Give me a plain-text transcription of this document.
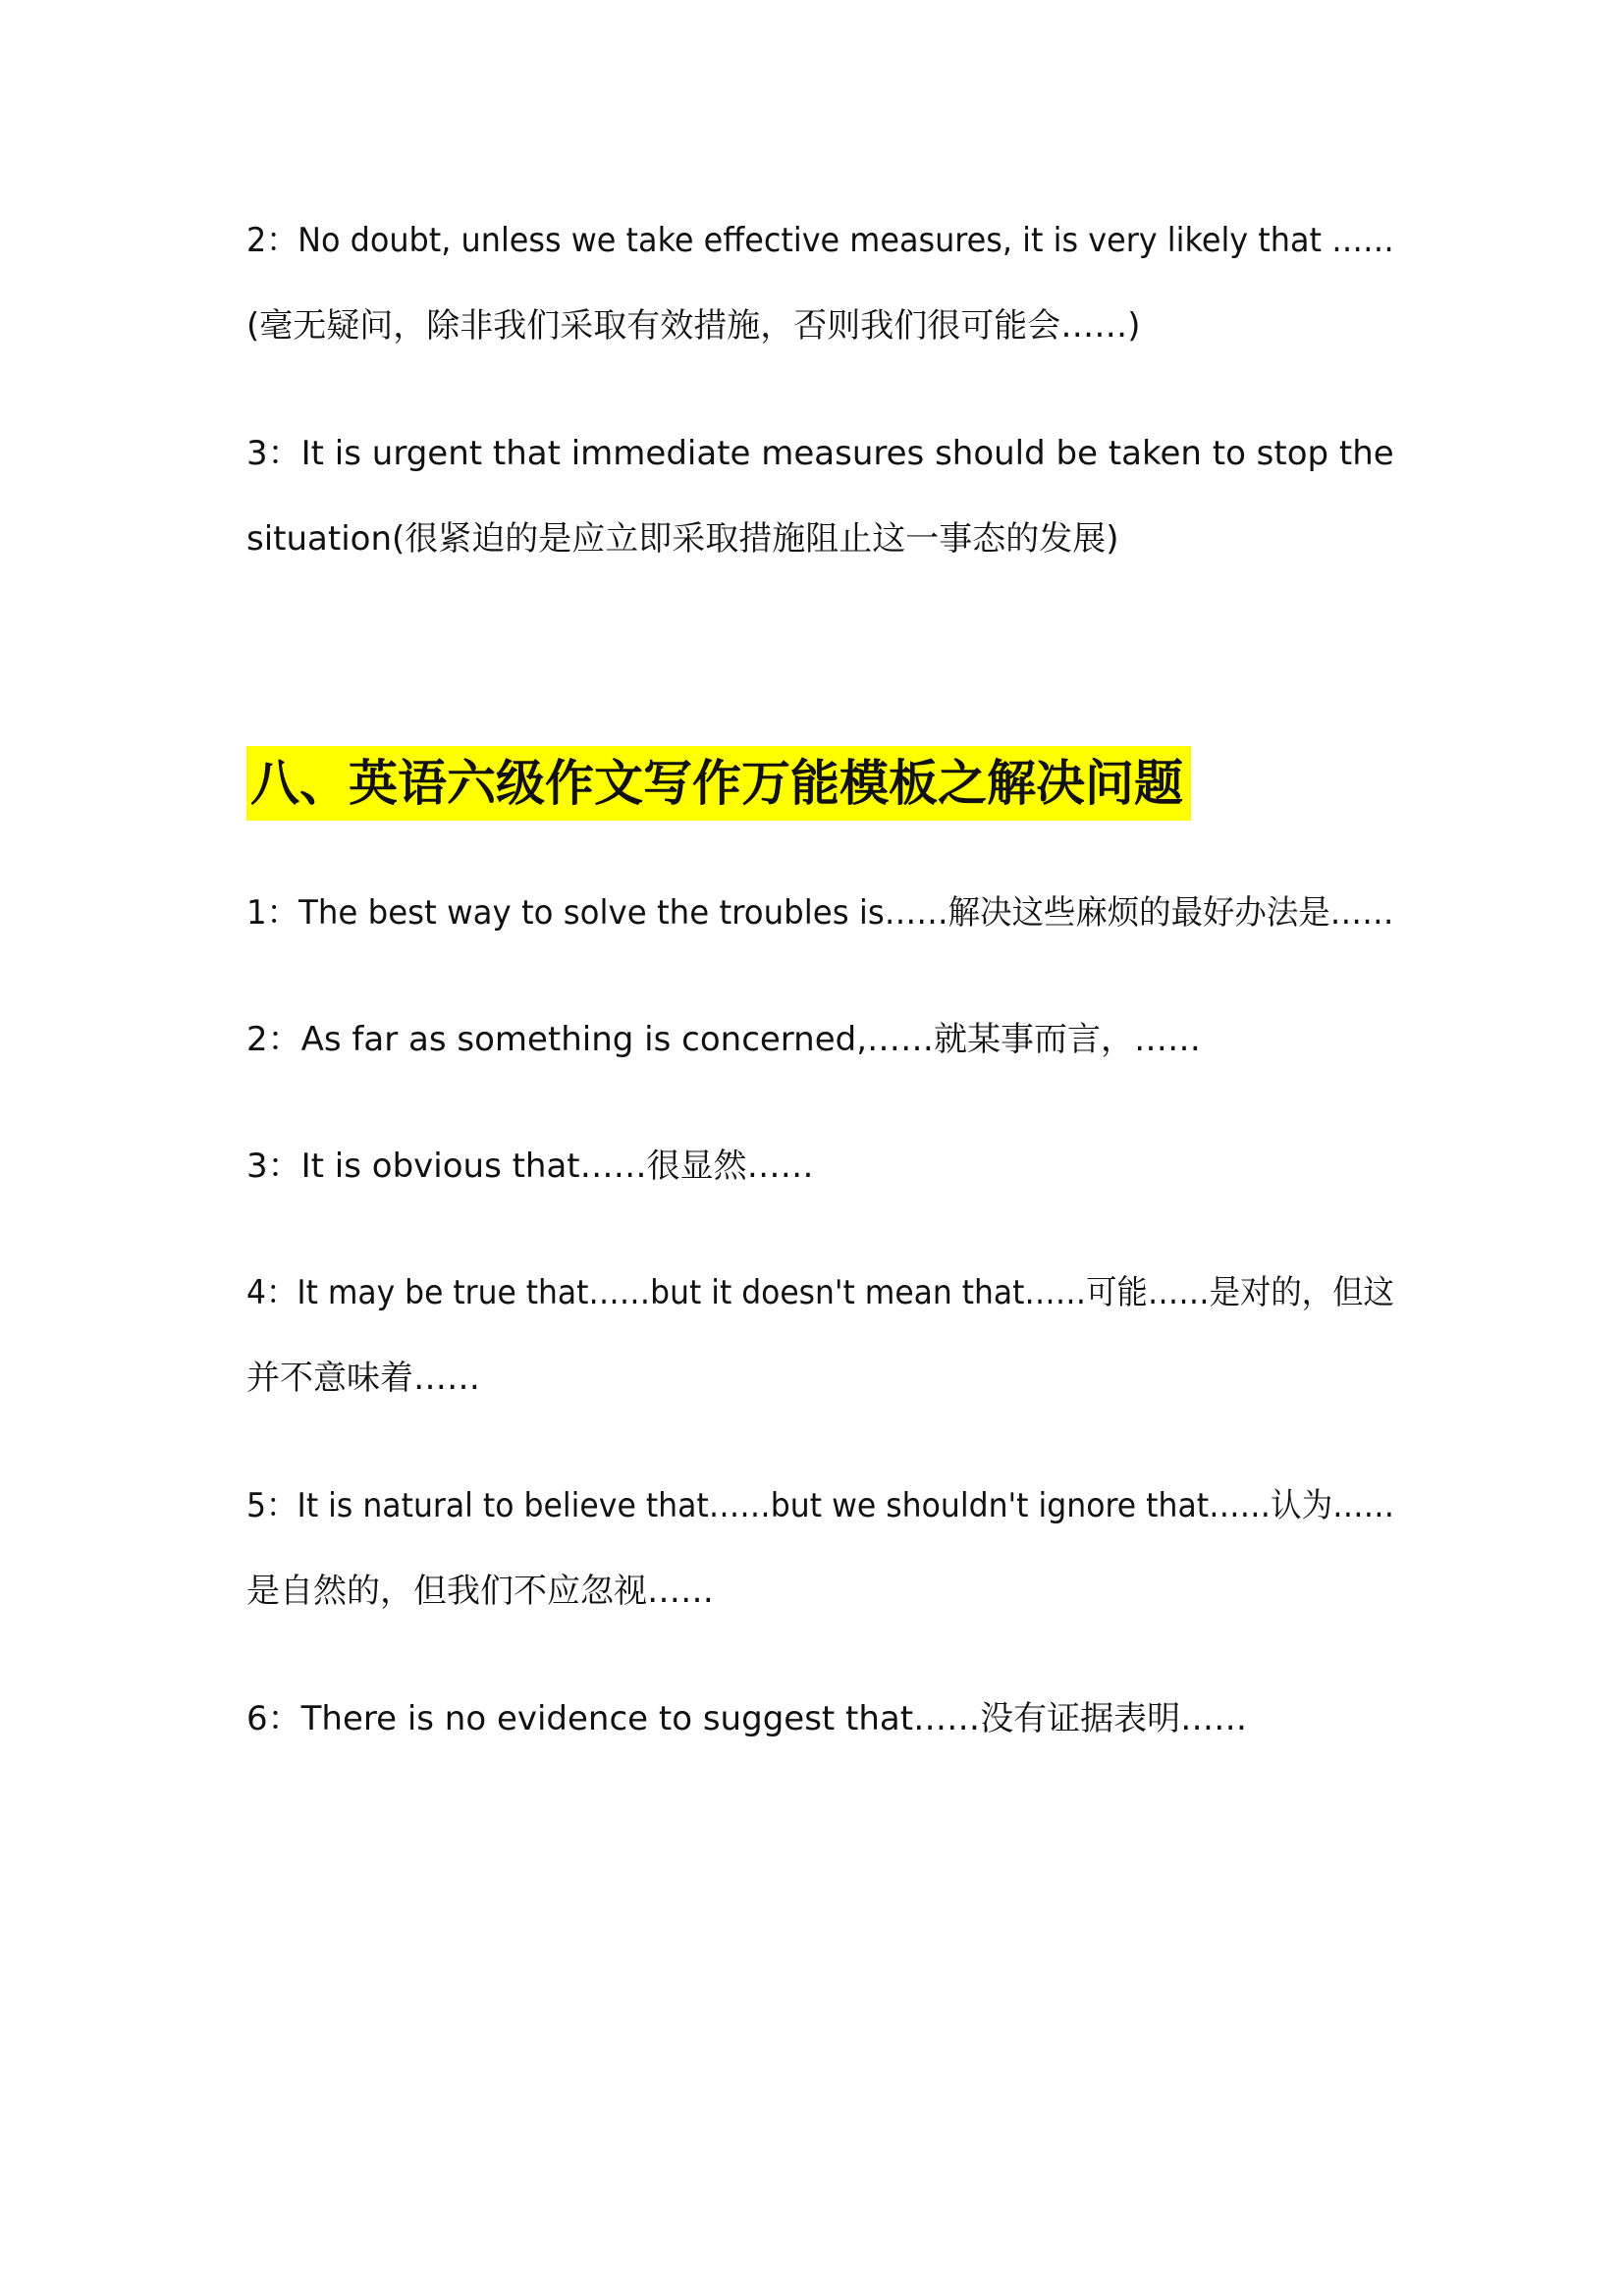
2：No doubt, unless we take effective measures, it is very likely that ……
(毫无疑问，除非我们采取有效措施，否则我们很可能会……)
3：It is urgent that immediate measures should be taken to stop the
situation(很紧迫的是应立即采取措施阻止这一事态的发展)
八、英语六级作文写作万能模板之解决问题
1：The best way to solve the troubles is……解决这些麻烦的最好办法是……
2：As far as something is concerned,……就某事而言，……
3：It is obvious that……很显然……
4：It may be true that……but it doesn't mean that……可能……是对的，但这
并不意味着……
5：It is natural to believe that……but we shouldn't ignore that……认为……
是自然的，但我们不应忽视……
6：There is no evidence to suggest that……没有证据表明……
